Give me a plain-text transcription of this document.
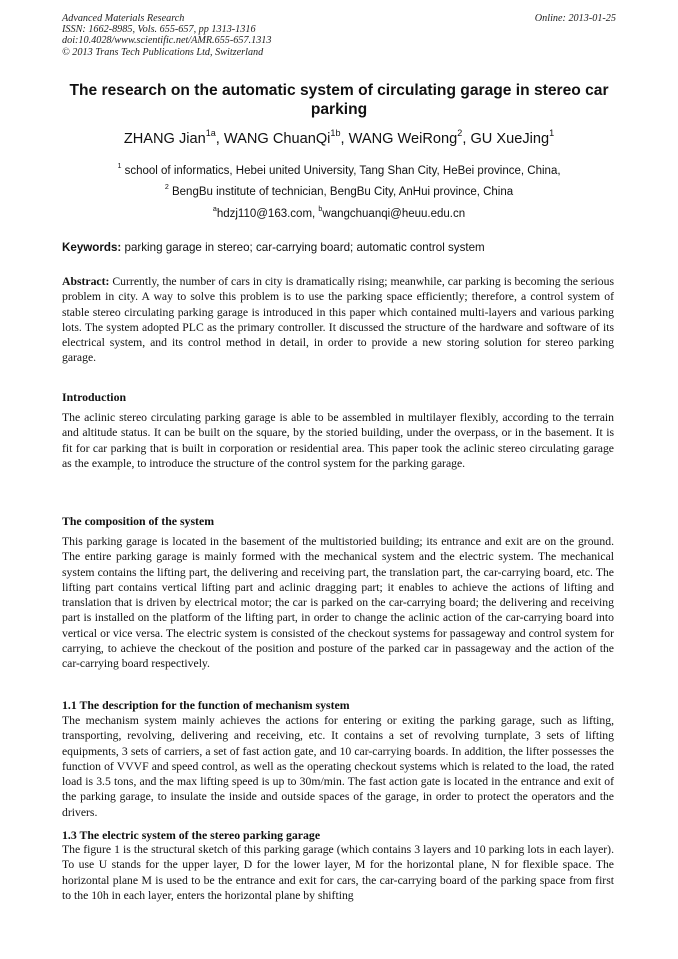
Advanced Materials Research
ISSN: 1662-8985, Vols. 655-657, pp 1313-1316
doi:10.4028/www.scientific.net/AMR.655-657.1313
© 2013 Trans Tech Publications Ltd, Switzerland
Online: 2013-01-25
The research on the automatic system of circulating garage in stereo car parking
ZHANG Jian$^{1a}$, WANG ChuanQi$^{1b}$, WANG WeiRong$^2$, GU XueJing$^1$
$^1$ school of informatics, Hebei united University, Tang Shan City, HeBei province, China,
$^2$ BengBu institute of technician, BengBu City, AnHui province, China
$^a$hdzj110@163.com, $^b$wangchuanqi@heuu.edu.cn
Keywords: parking garage in stereo; car-carrying board; automatic control system
Abstract: Currently, the number of cars in city is dramatically rising; meanwhile, car parking is becoming the serious problem in city. A way to solve this problem is to use the parking space efficiently; therefore, a control system of stable stereo circulating parking garage is introduced in this paper which contained multi-layers and various parking lots. The system adopted PLC as the primary controller. It discussed the structure of the hardware and software of its electrical system, and its control method in detail, in order to provide a new storing solution for stereo parking garage.
Introduction
The aclinic stereo circulating parking garage is able to be assembled in multilayer flexibly, according to the terrain and altitude status. It can be built on the square, by the storied building, under the overpass, or in the basement. It is fit for car parking that is built in corporation or residential area. This paper took the aclinic stereo circulating garage as the example, to introduce the structure of the control system for the parking garage.
The composition of the system
This parking garage is located in the basement of the multistoried building; its entrance and exit are on the ground. The entire parking garage is mainly formed with the mechanical system and the electric system. The mechanical system contains the lifting part, the delivering and receiving part, the translation part, the car-carrying board, etc. The lifting part contains vertical lifting part and aclinic dragging part; it enables to achieve the actions of lifting and translation that is driven by electrical motor; the car is parked on the car-carrying board; the delivering and receiving part is installed on the platform of the lifting part, in order to change the aclinic action of the car-carrying board into vertical or vice versa. The electric system is consisted of the checkout systems for passageway and control system for carrying, to achieve the checkout of the position and posture of the parked car in passageway and the action of the car-carrying board respectively.
1.1 The description for the function of mechanism system
The mechanism system mainly achieves the actions for entering or exiting the parking garage, such as lifting, transporting, revolving, delivering and receiving, etc. It contains a set of revolving turnplate, 3 sets of lifting equipments, 3 sets of carriers, a set of fast action gate, and 10 car-carrying boards. In addition, the lifter possesses the function of VVVF and speed control, as well as the operating checkout systems which is related to the load, the rated load is 3.5 tons, and the max lifting speed is up to 30m/min. The fast action gate is located in the entrance and exit of the parking garage, to insulate the inside and outside spaces of the garage, in order to protect the operators and the drivers.
1.3 The electric system of the stereo parking garage
The figure 1 is the structural sketch of this parking garage (which contains 3 layers and 10 parking lots in each layer). To use U stands for the upper layer, D for the lower layer, M for the horizontal plane, N for flexible space. The horizontal plane M is used to be the entrance and exit for cars, the car-carrying board of the parking space from first to the 10h in each layer, enters the horizontal plane by shifting
